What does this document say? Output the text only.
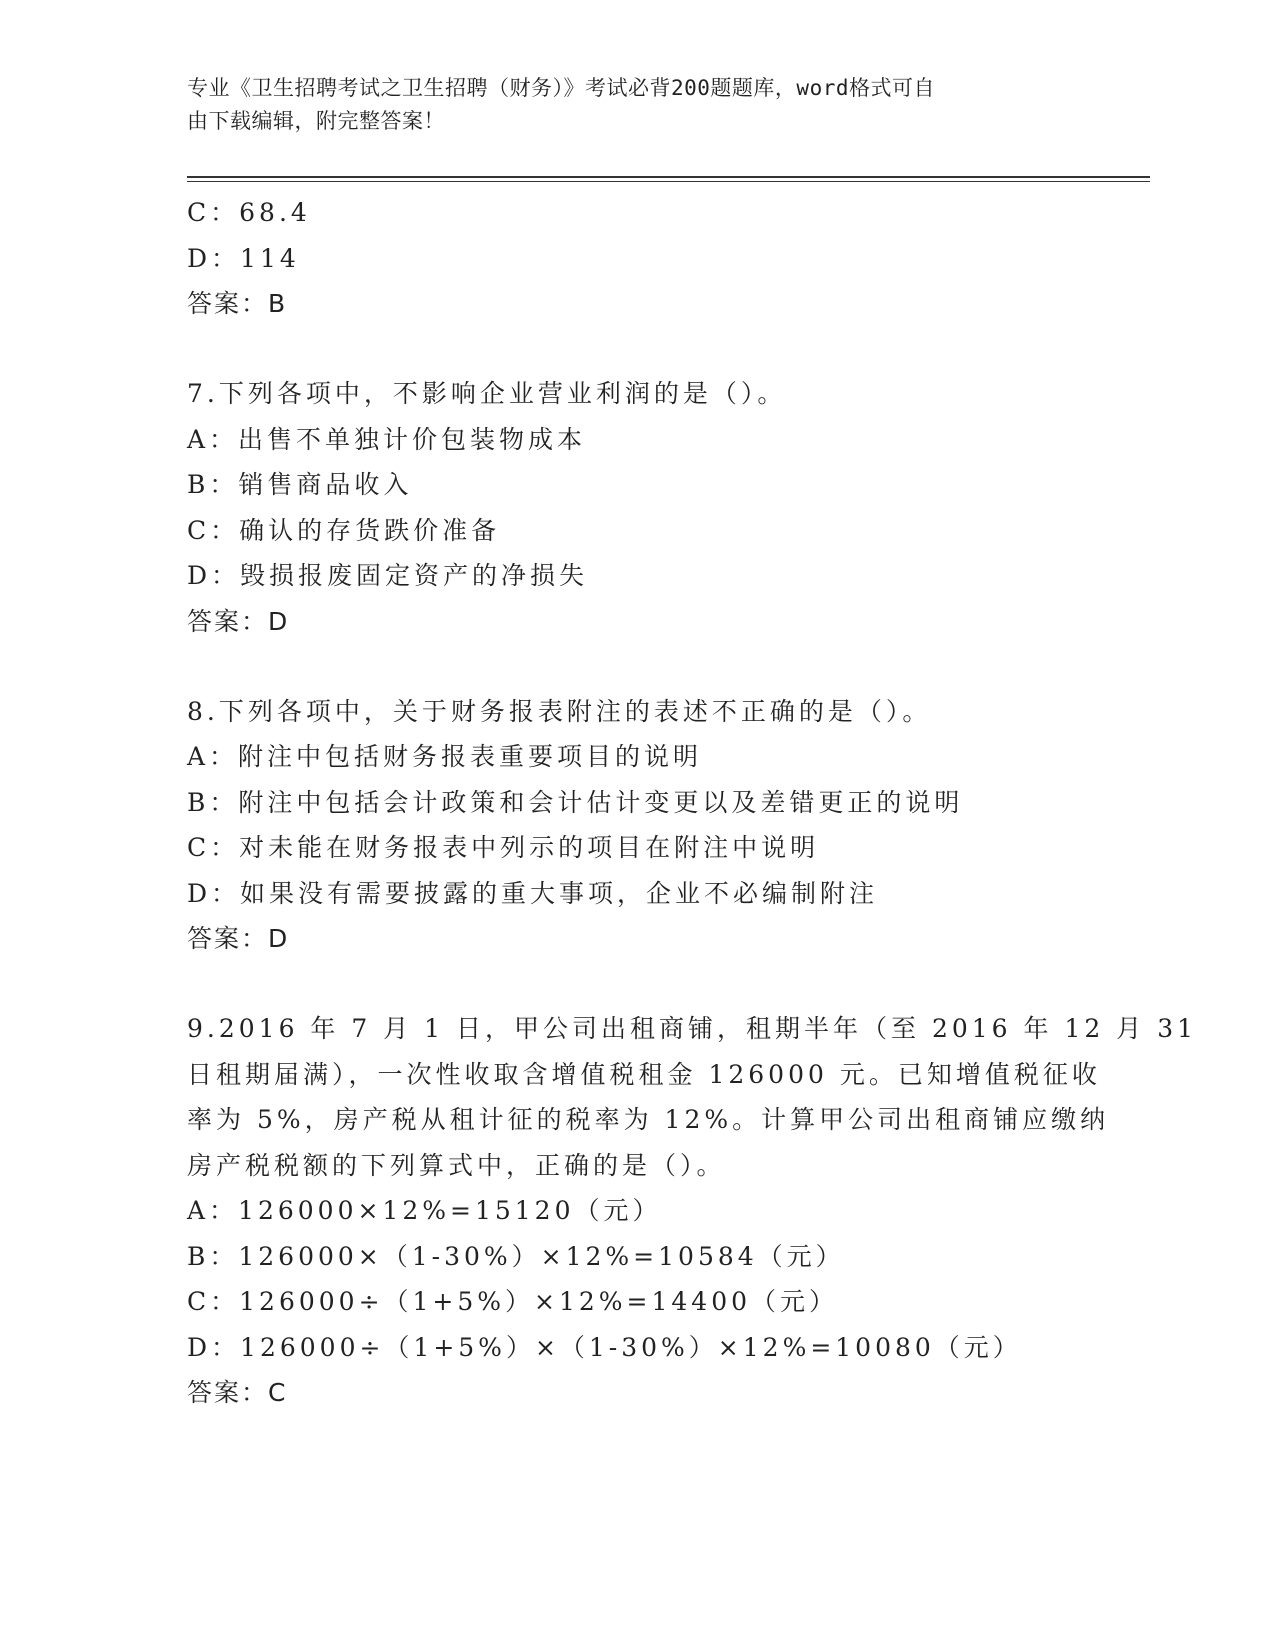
专业《卫生招聘考试之卫生招聘（财务）》考试必背200题题库，word格式可自
由下载编辑，附完整答案！
C：68.4
D：114
答案：B
7.下列各项中，不影响企业营业利润的是（）。
A：出售不单独计价包装物成本
B：销售商品收入
C：确认的存货跌价准备
D：毁损报废固定资产的净损失
答案：D
8.下列各项中，关于财务报表附注的表述不正确的是（）。
A：附注中包括财务报表重要项目的说明
B：附注中包括会计政策和会计估计变更以及差错更正的说明
C：对未能在财务报表中列示的项目在附注中说明
D：如果没有需要披露的重大事项，企业不必编制附注
答案：D
9.2016 年 7 月 1 日，甲公司出租商铺，租期半年（至 2016 年 12 月 31
日租期届满），一次性收取含增值税租金 126000 元。已知增值税征收
率为 5%，房产税从租计征的税率为 12%。计算甲公司出租商铺应缴纳
房产税税额的下列算式中，正确的是（）。
A：126000×12%=15120（元）
B：126000×（1-30%）×12%=10584（元）
C：126000÷（1+5%）×12%=14400（元）
D：126000÷（1+5%）×（1-30%）×12%=10080（元）
答案：C
